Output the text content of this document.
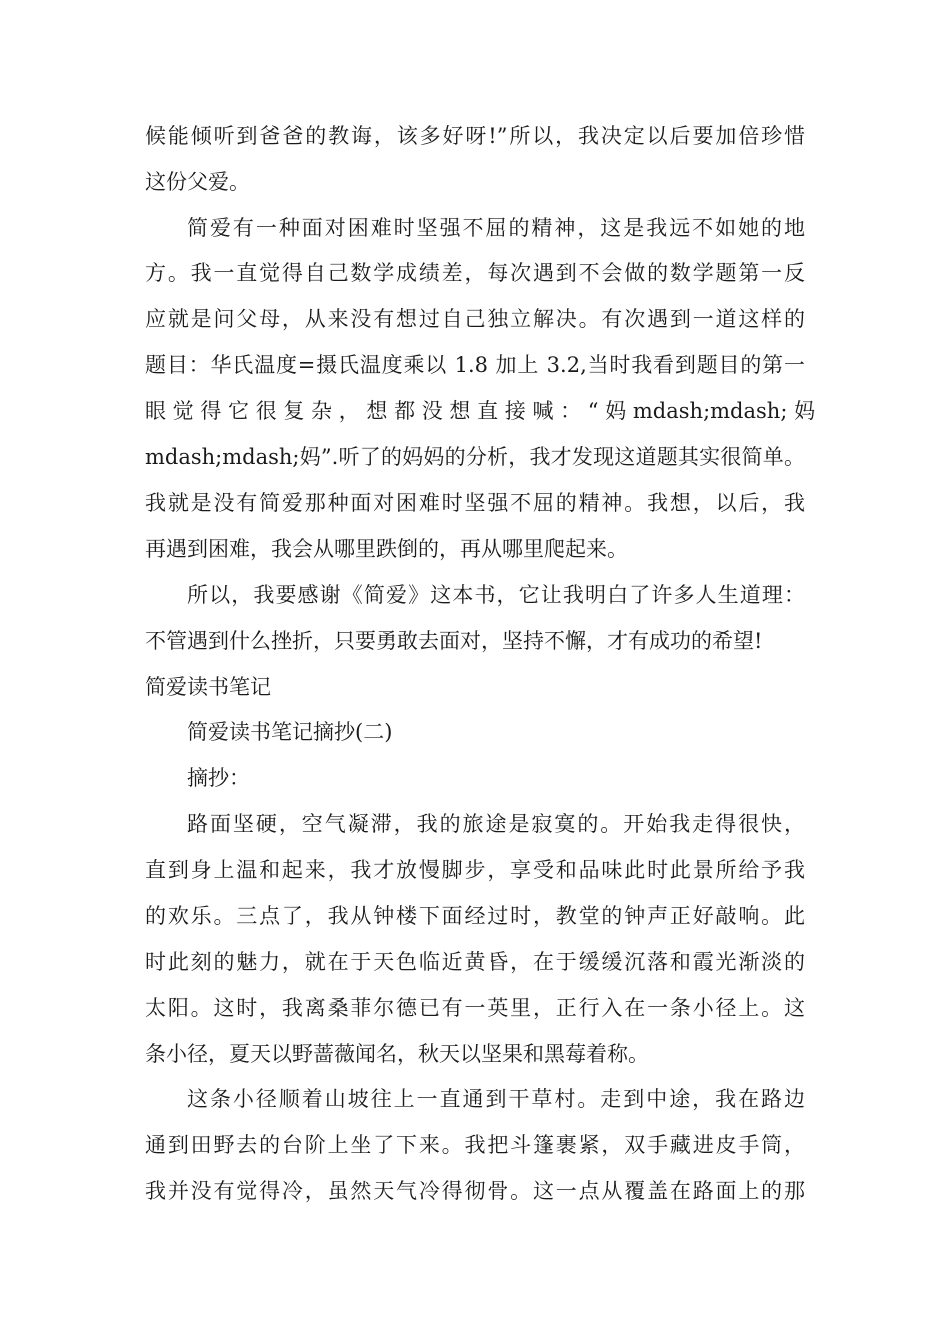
候能倾听到爸爸的教诲，该多好呀!”所以，我决定以后要加倍珍惜
这份父爱。
简爱有一种面对困难时坚强不屈的精神，这是我远不如她的地
方。我一直觉得自己数学成绩差，每次遇到不会做的数学题第一反
应就是问父母，从来没有想过自己独立解决。有次遇到一道这样的
题目：华氏温度=摄氏温度乘以 1.8 加上 3.2,当时我看到题目的第一
眼 觉 得 它 很 复 杂 ， 想 都 没 想 直 接 喊 ： “ 妈 mdash;mdash; 妈
mdash;mdash;妈”.听了的妈妈的分析，我才发现这道题其实很简单。
我就是没有简爱那种面对困难时坚强不屈的精神。我想，以后，我
再遇到困难，我会从哪里跌倒的，再从哪里爬起来。
所以，我要感谢《简爱》这本书，它让我明白了许多人生道理：
不管遇到什么挫折，只要勇敢去面对，坚持不懈，才有成功的希望!
简爱读书笔记
简爱读书笔记摘抄(二)
摘抄：
路面坚硬，空气凝滞，我的旅途是寂寞的。开始我走得很快，
直到身上温和起来，我才放慢脚步，享受和品味此时此景所给予我
的欢乐。三点了，我从钟楼下面经过时，教堂的钟声正好敲响。此
时此刻的魅力，就在于天色临近黄昏，在于缓缓沉落和霞光渐淡的
太阳。这时，我离桑菲尔德已有一英里，正行入在一条小径上。这
条小径，夏天以野蔷薇闻名，秋天以坚果和黑莓着称。
这条小径顺着山坡往上一直通到干草村。走到中途，我在路边
通到田野去的台阶上坐了下来。我把斗篷裹紧，双手藏进皮手筒，
我并没有觉得冷，虽然天气冷得彻骨。这一点从覆盖在路面上的那
